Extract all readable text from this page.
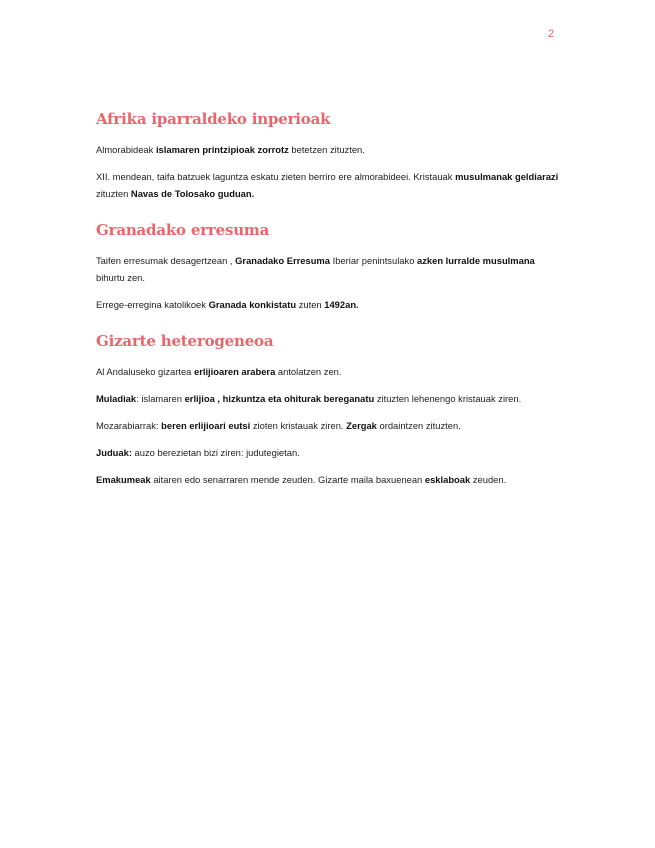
2
Afrika iparraldeko inperioak

Almorabideak islamaren printzipioak zorrotz betetzen zituzten.

XII. mendean, taifa batzuek laguntza eskatu zieten berriro ere almorabideei. Kristauak musulmanak geldiarazi zituzten Navas de Tolosako guduan.

Granadako erresuma

Taifen erresumak desagertzean , Granadako Erresuma Iberiar penintsulako azken lurralde musulmana bihurtu zen.

Errege-erregina katolikoek Granada konkistatu zuten 1492an.

Gizarte heterogeneoa

Al Andaluseko gizartea erlijioaren arabera antolatzen zen.

Muladiak: islamaren erlijioa , hizkuntza eta ohiturak bereganatu zituzten lehenengo kristauak ziren.

Mozarabiarrak: beren erlijioari eutsi zioten kristauak ziren. Zergak ordaintzen zituzten.

Juduak: auzo berezietan bizi ziren: judutegietan.

Emakumeak aitaren edo senarraren mende zeuden. Gizarte maila baxuenean esklaboak zeuden.
